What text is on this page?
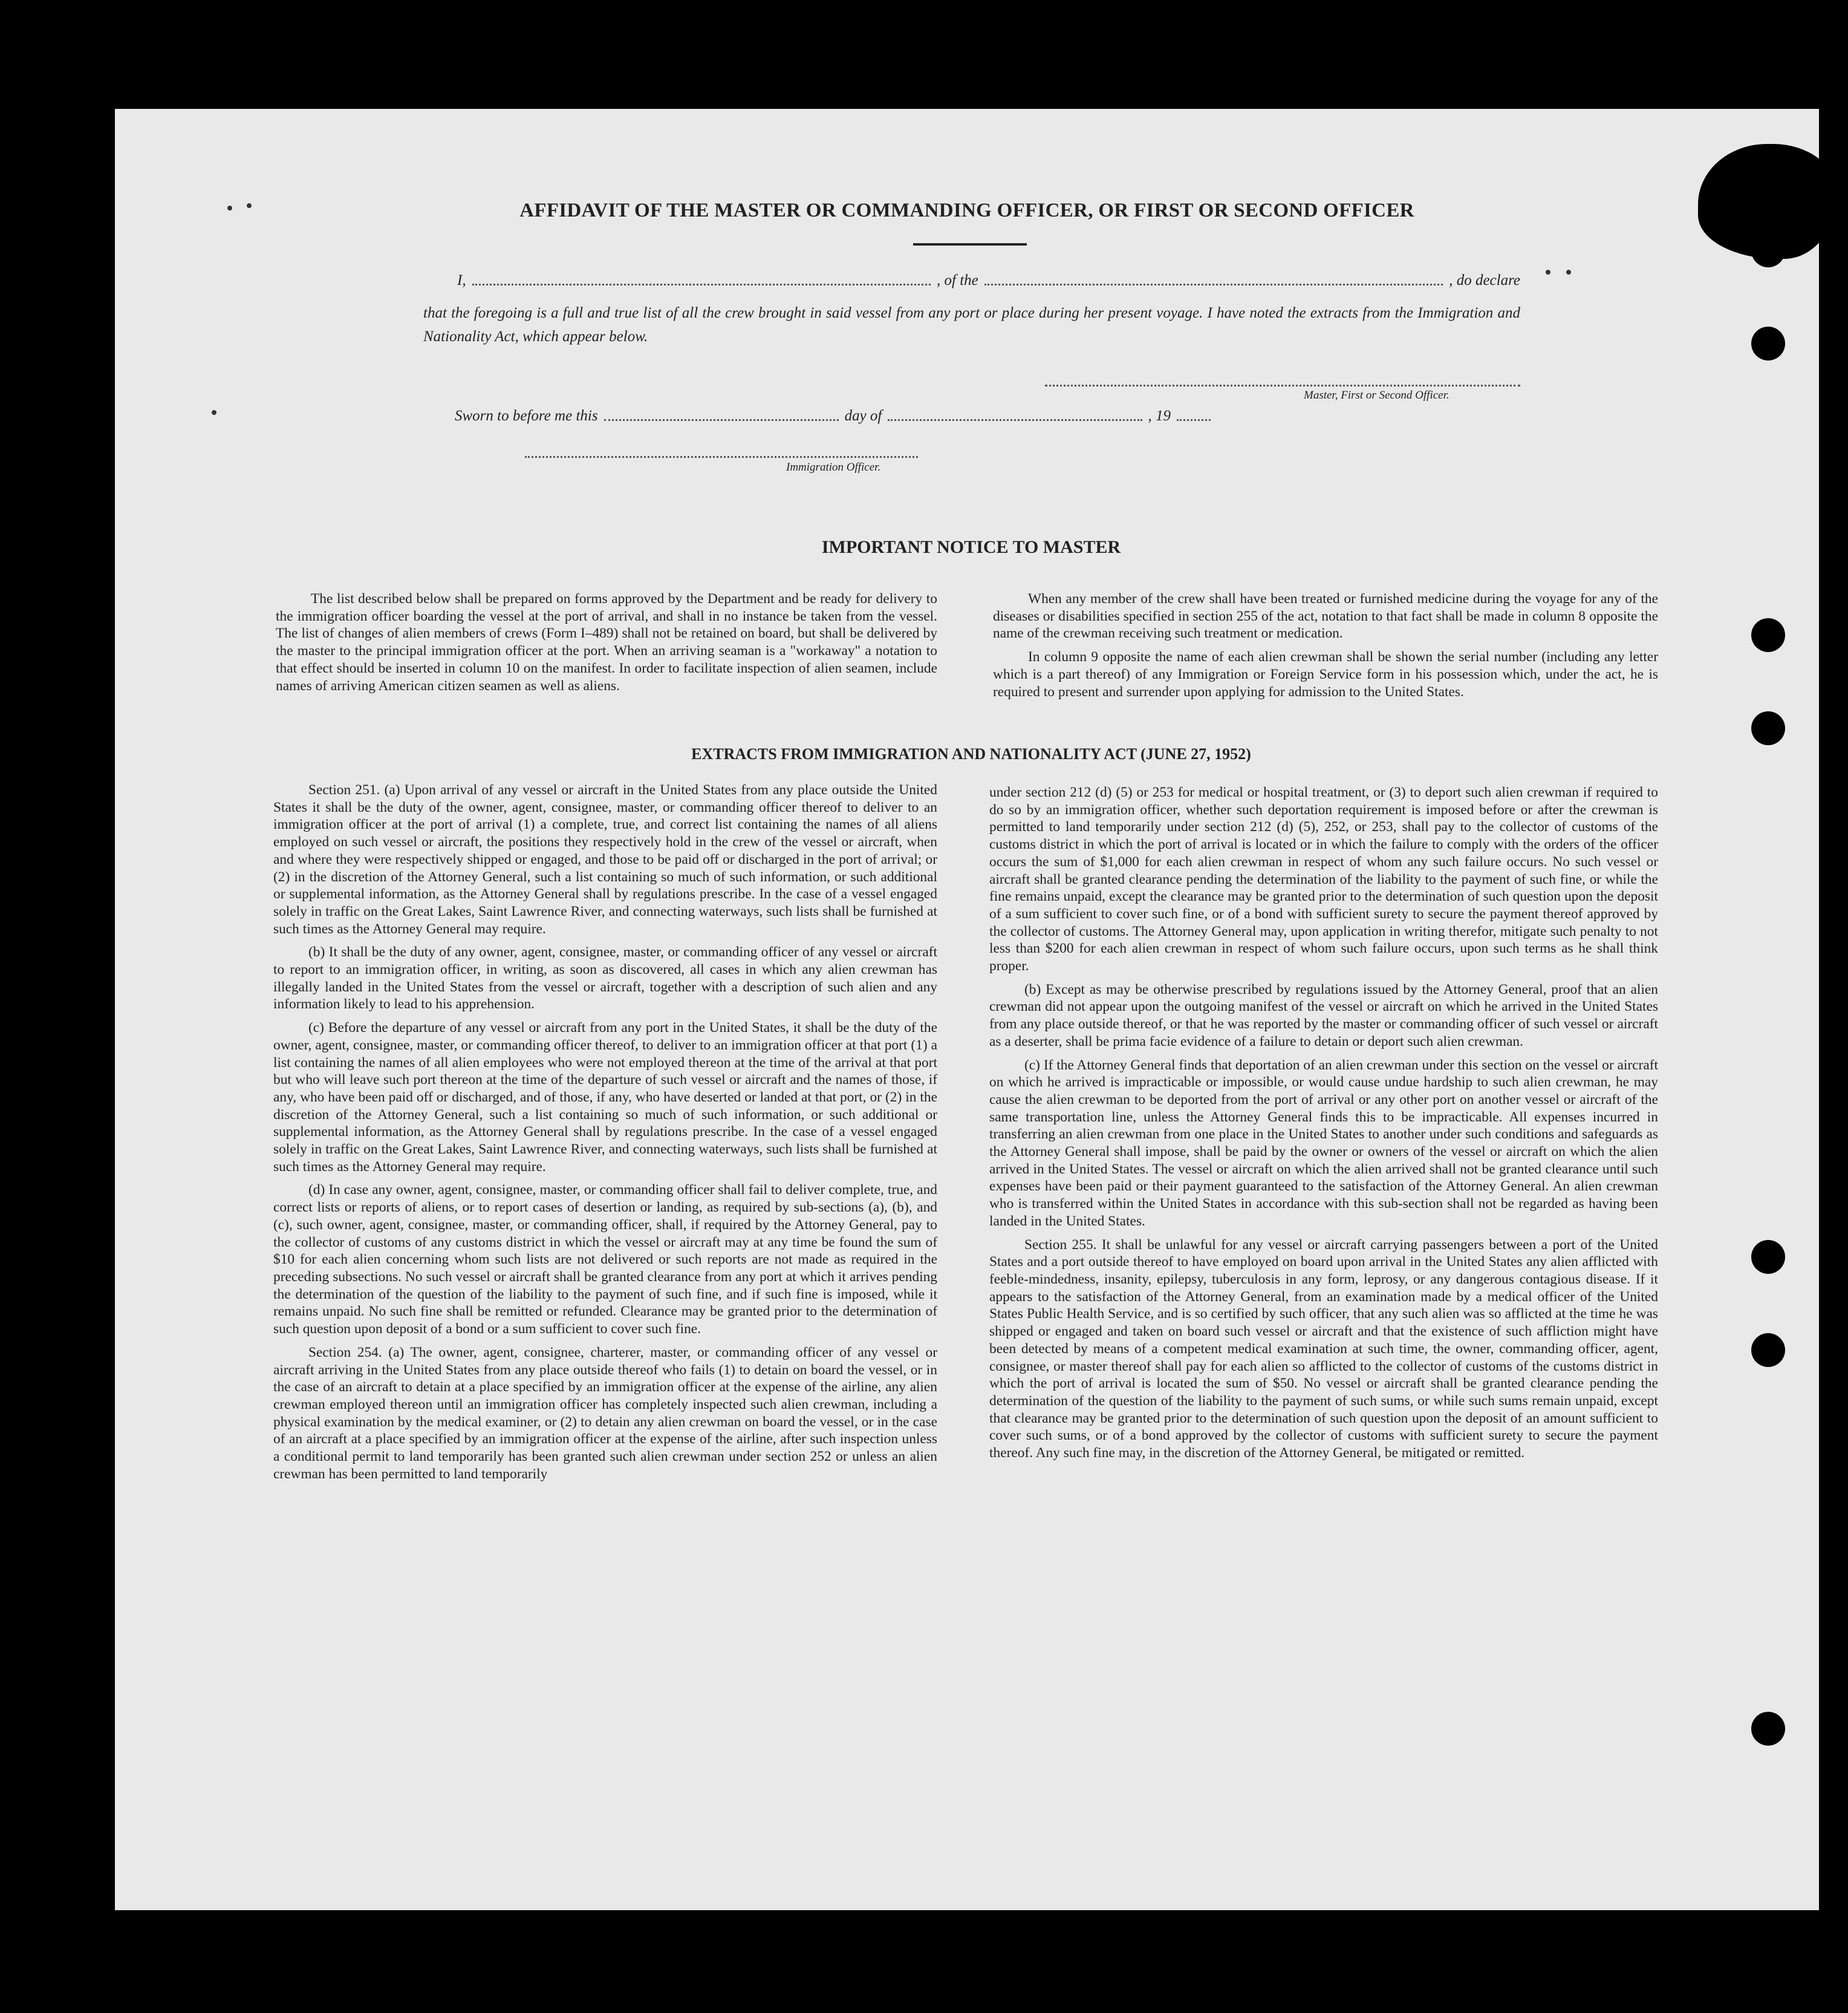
AFFIDAVIT OF THE MASTER OR COMMANDING OFFICER, OR FIRST OR SECOND OFFICER
I,	, of the	, do declare
that the foregoing is a full and true list of all the crew brought in said vessel from any port or place during her present voyage. I have noted the extracts from the Immigration and Nationality Act, which appear below.
Master, First or Second Officer.
Sworn to before me this	day of	, 19
Immigration Officer.
IMPORTANT NOTICE TO MASTER

The list described below shall be prepared on forms approved by the Department and be ready for delivery to the immigration officer boarding the vessel at the port of arrival, and shall in no instance be taken from the vessel. The list of changes of alien members of crews (Form I–489) shall not be retained on board, but shall be delivered by the master to the principal immigration officer at the port. When an arriving seaman is a "workaway" a notation to that effect should be inserted in column 10 on the manifest. In order to facilitate inspection of alien seamen, include names of arriving American citizen seamen as well as aliens.

When any member of the crew shall have been treated or furnished medicine during the voyage for any of the diseases or disabilities specified in section 255 of the act, notation to that fact shall be made in column 8 opposite the name of the crewman receiving such treatment or medication.

In column 9 opposite the name of each alien crewman shall be shown the serial number (including any letter which is a part thereof) of any Immigration or Foreign Service form in his possession which, under the act, he is required to present and surrender upon applying for admission to the United States.

EXTRACTS FROM IMMIGRATION AND NATIONALITY ACT (JUNE 27, 1952)

Section 251. (a) Upon arrival of any vessel or aircraft in the United States from any place outside the United States it shall be the duty of the owner, agent, consignee, master, or commanding officer thereof to deliver to an immigration officer at the port of arrival (1) a complete, true, and correct list containing the names of all aliens employed on such vessel or aircraft, the positions they respectively hold in the crew of the vessel or aircraft, when and where they were respectively shipped or engaged, and those to be paid off or discharged in the port of arrival; or (2) in the discretion of the Attorney General, such a list containing so much of such information, or such additional or supplemental information, as the Attorney General shall by regulations prescribe. In the case of a vessel engaged solely in traffic on the Great Lakes, Saint Lawrence River, and connecting waterways, such lists shall be furnished at such times as the Attorney General may require.

(b) It shall be the duty of any owner, agent, consignee, master, or commanding officer of any vessel or aircraft to report to an immigration officer, in writing, as soon as discovered, all cases in which any alien crewman has illegally landed in the United States from the vessel or aircraft, together with a description of such alien and any information likely to lead to his apprehension.

(c) Before the departure of any vessel or aircraft from any port in the United States, it shall be the duty of the owner, agent, consignee, master, or commanding officer thereof, to deliver to an immigration officer at that port (1) a list containing the names of all alien employees who were not employed thereon at the time of the arrival at that port but who will leave such port thereon at the time of the departure of such vessel or aircraft and the names of those, if any, who have been paid off or discharged, and of those, if any, who have deserted or landed at that port, or (2) in the discretion of the Attorney General, such a list containing so much of such information, or such additional or supplemental information, as the Attorney General shall by regulations prescribe. In the case of a vessel engaged solely in traffic on the Great Lakes, Saint Lawrence River, and connecting waterways, such lists shall be furnished at such times as the Attorney General may require.

(d) In case any owner, agent, consignee, master, or commanding officer shall fail to deliver complete, true, and correct lists or reports of aliens, or to report cases of desertion or landing, as required by sub-sections (a), (b), and (c), such owner, agent, consignee, master, or commanding officer, shall, if required by the Attorney General, pay to the collector of customs of any customs district in which the vessel or aircraft may at any time be found the sum of $10 for each alien concerning whom such lists are not delivered or such reports are not made as required in the preceding subsections. No such vessel or aircraft shall be granted clearance from any port at which it arrives pending the determination of the question of the liability to the payment of such fine, and if such fine is imposed, while it remains unpaid. No such fine shall be remitted or refunded. Clearance may be granted prior to the determination of such question upon deposit of a bond or a sum sufficient to cover such fine.

Section 254. (a) The owner, agent, consignee, charterer, master, or commanding officer of any vessel or aircraft arriving in the United States from any place outside thereof who fails (1) to detain on board the vessel, or in the case of an aircraft to detain at a place specified by an immigration officer at the expense of the airline, any alien crewman employed thereon until an immigration officer has completely inspected such alien crewman, including a physical examination by the medical examiner, or (2) to detain any alien crewman on board the vessel, or in the case of an aircraft at a place specified by an immigration officer at the expense of the airline, after such inspection unless a conditional permit to land temporarily has been granted such alien crewman under section 252 or unless an alien crewman has been permitted to land temporarily

under section 212 (d) (5) or 253 for medical or hospital treatment, or (3) to deport such alien crewman if required to do so by an immigration officer, whether such deportation requirement is imposed before or after the crewman is permitted to land temporarily under section 212 (d) (5), 252, or 253, shall pay to the collector of customs of the customs district in which the port of arrival is located or in which the failure to comply with the orders of the officer occurs the sum of $1,000 for each alien crewman in respect of whom any such failure occurs. No such vessel or aircraft shall be granted clearance pending the determination of the liability to the payment of such fine, or while the fine remains unpaid, except the clearance may be granted prior to the determination of such question upon the deposit of a sum sufficient to cover such fine, or of a bond with sufficient surety to secure the payment thereof approved by the collector of customs. The Attorney General may, upon application in writing therefor, mitigate such penalty to not less than $200 for each alien crewman in respect of whom such failure occurs, upon such terms as he shall think proper.

(b) Except as may be otherwise prescribed by regulations issued by the Attorney General, proof that an alien crewman did not appear upon the outgoing manifest of the vessel or aircraft on which he arrived in the United States from any place outside thereof, or that he was reported by the master or commanding officer of such vessel or aircraft as a deserter, shall be prima facie evidence of a failure to detain or deport such alien crewman.

(c) If the Attorney General finds that deportation of an alien crewman under this section on the vessel or aircraft on which he arrived is impracticable or impossible, or would cause undue hardship to such alien crewman, he may cause the alien crewman to be deported from the port of arrival or any other port on another vessel or aircraft of the same transportation line, unless the Attorney General finds this to be impracticable. All expenses incurred in transferring an alien crewman from one place in the United States to another under such conditions and safeguards as the Attorney General shall impose, shall be paid by the owner or owners of the vessel or aircraft on which the alien arrived in the United States. The vessel or aircraft on which the alien arrived shall not be granted clearance until such expenses have been paid or their payment guaranteed to the satisfaction of the Attorney General. An alien crewman who is transferred within the United States in accordance with this sub-section shall not be regarded as having been landed in the United States.

Section 255. It shall be unlawful for any vessel or aircraft carrying passengers between a port of the United States and a port outside thereof to have employed on board upon arrival in the United States any alien afflicted with feeble-mindedness, insanity, epilepsy, tuberculosis in any form, leprosy, or any dangerous contagious disease. If it appears to the satisfaction of the Attorney General, from an examination made by a medical officer of the United States Public Health Service, and is so certified by such officer, that any such alien was so afflicted at the time he was shipped or engaged and taken on board such vessel or aircraft and that the existence of such affliction might have been detected by means of a competent medical examination at such time, the owner, commanding officer, agent, consignee, or master thereof shall pay for each alien so afflicted to the collector of customs of the customs district in which the port of arrival is located the sum of $50. No vessel or aircraft shall be granted clearance pending the determination of the question of the liability to the payment of such sums, or while such sums remain unpaid, except that clearance may be granted prior to the determination of such question upon the deposit of an amount sufficient to cover such sums, or of a bond approved by the collector of customs with sufficient surety to secure the payment thereof. Any such fine may, in the discretion of the Attorney General, be mitigated or remitted.
